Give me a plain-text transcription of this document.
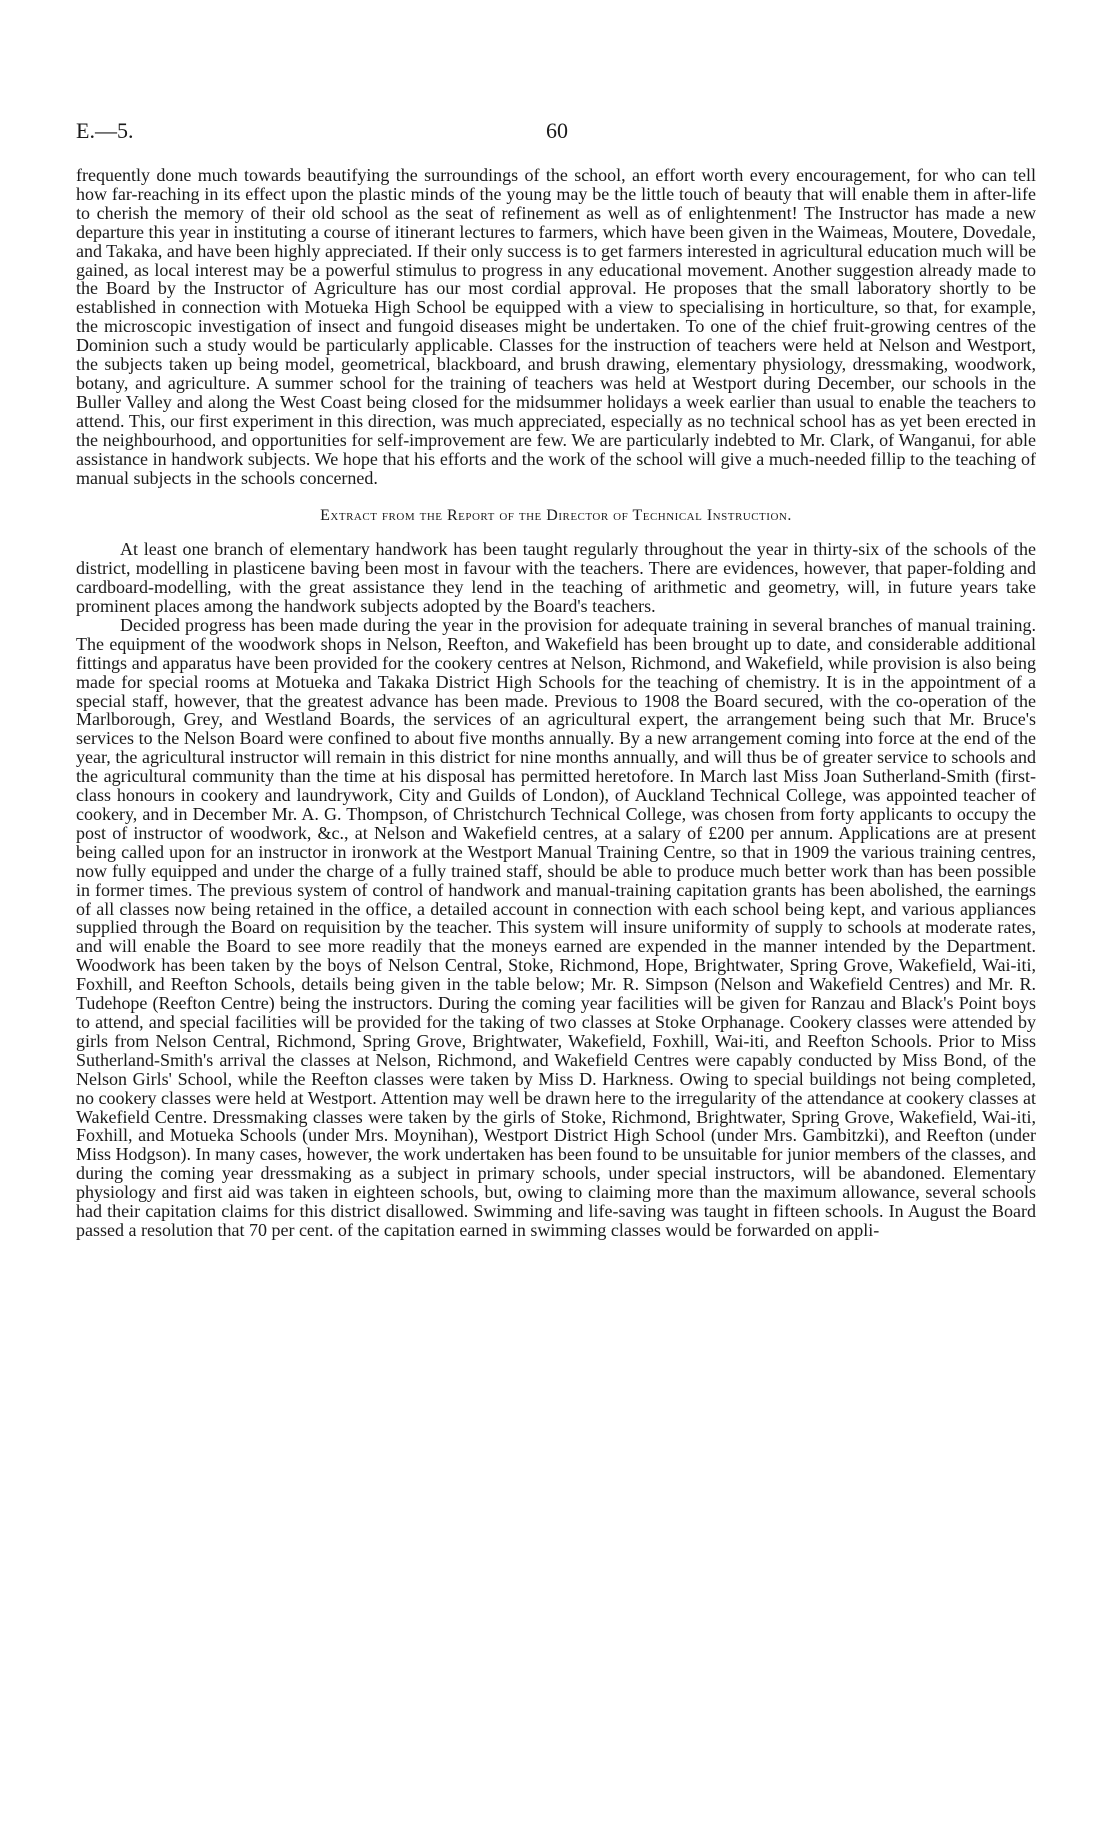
E.—5.	60

frequently done much towards beautifying the surroundings of the school, an effort worth every encouragement, for who can tell how far-reaching in its effect upon the plastic minds of the young may be the little touch of beauty that will enable them in after-life to cherish the memory of their old school as the seat of refinement as well as of enlightenment! The Instructor has made a new departure this year in instituting a course of itinerant lectures to farmers, which have been given in the Waimeas, Moutere, Dovedale, and Takaka, and have been highly appreciated. If their only success is to get farmers interested in agricultural education much will be gained, as local interest may be a powerful stimulus to progress in any educational movement. Another suggestion already made to the Board by the Instructor of Agriculture has our most cordial approval. He proposes that the small laboratory shortly to be established in connection with Motueka High School be equipped with a view to specialising in horticulture, so that, for example, the microscopic investigation of insect and fungoid diseases might be undertaken. To one of the chief fruit-growing centres of the Dominion such a study would be particularly applicable. Classes for the instruction of teachers were held at Nelson and Westport, the subjects taken up being model, geometrical, blackboard, and brush drawing, elementary physiology, dressmaking, woodwork, botany, and agriculture. A summer school for the training of teachers was held at Westport during December, our schools in the Buller Valley and along the West Coast being closed for the midsummer holidays a week earlier than usual to enable the teachers to attend. This, our first experiment in this direction, was much appreciated, especially as no technical school has as yet been erected in the neighbourhood, and opportunities for self-improvement are few. We are particularly indebted to Mr. Clark, of Wanganui, for able assistance in handwork subjects. We hope that his efforts and the work of the school will give a much-needed fillip to the teaching of manual subjects in the schools concerned.

Extract from the Report of the Director of Technical Instruction.

At least one branch of elementary handwork has been taught regularly throughout the year in thirty-six of the schools of the district, modelling in plasticene baving been most in favour with the teachers. There are evidences, however, that paper-folding and cardboard-modelling, with the great assistance they lend in the teaching of arithmetic and geometry, will, in future years take prominent places among the handwork subjects adopted by the Board's teachers.

Decided progress has been made during the year in the provision for adequate training in several branches of manual training. The equipment of the woodwork shops in Nelson, Reefton, and Wakefield has been brought up to date, and considerable additional fittings and apparatus have been provided for the cookery centres at Nelson, Richmond, and Wakefield, while provision is also being made for special rooms at Motueka and Takaka District High Schools for the teaching of chemistry. It is in the appointment of a special staff, however, that the greatest advance has been made. Previous to 1908 the Board secured, with the co-operation of the Marlborough, Grey, and Westland Boards, the services of an agricultural expert, the arrangement being such that Mr. Bruce's services to the Nelson Board were confined to about five months annually. By a new arrangement coming into force at the end of the year, the agricultural instructor will remain in this district for nine months annually, and will thus be of greater service to schools and the agricultural community than the time at his disposal has permitted heretofore. In March last Miss Joan Sutherland-Smith (first-class honours in cookery and laundrywork, City and Guilds of London), of Auckland Technical College, was appointed teacher of cookery, and in December Mr. A. G. Thompson, of Christchurch Technical College, was chosen from forty applicants to occupy the post of instructor of woodwork, &c., at Nelson and Wakefield centres, at a salary of £200 per annum. Applications are at present being called upon for an instructor in ironwork at the Westport Manual Training Centre, so that in 1909 the various training centres, now fully equipped and under the charge of a fully trained staff, should be able to produce much better work than has been possible in former times. The previous system of control of handwork and manual-training capitation grants has been abolished, the earnings of all classes now being retained in the office, a detailed account in connection with each school being kept, and various appliances supplied through the Board on requisition by the teacher. This system will insure uniformity of supply to schools at moderate rates, and will enable the Board to see more readily that the moneys earned are expended in the manner intended by the Department. Woodwork has been taken by the boys of Nelson Central, Stoke, Richmond, Hope, Brightwater, Spring Grove, Wakefield, Wai-iti, Foxhill, and Reefton Schools, details being given in the table below; Mr. R. Simpson (Nelson and Wakefield Centres) and Mr. R. Tudehope (Reefton Centre) being the instructors. During the coming year facilities will be given for Ranzau and Black's Point boys to attend, and special facilities will be provided for the taking of two classes at Stoke Orphanage. Cookery classes were attended by girls from Nelson Central, Richmond, Spring Grove, Brightwater, Wakefield, Foxhill, Wai-iti, and Reefton Schools. Prior to Miss Sutherland-Smith's arrival the classes at Nelson, Richmond, and Wakefield Centres were capably conducted by Miss Bond, of the Nelson Girls' School, while the Reefton classes were taken by Miss D. Harkness. Owing to special buildings not being completed, no cookery classes were held at Westport. Attention may well be drawn here to the irregularity of the attendance at cookery classes at Wakefield Centre. Dressmaking classes were taken by the girls of Stoke, Richmond, Brightwater, Spring Grove, Wakefield, Wai-iti, Foxhill, and Motueka Schools (under Mrs. Moynihan), Westport District High School (under Mrs. Gambitzki), and Reefton (under Miss Hodgson). In many cases, however, the work undertaken has been found to be unsuitable for junior members of the classes, and during the coming year dressmaking as a subject in primary schools, under special instructors, will be abandoned. Elementary physiology and first aid was taken in eighteen schools, but, owing to claiming more than the maximum allowance, several schools had their capitation claims for this district disallowed. Swimming and life-saving was taught in fifteen schools. In August the Board passed a resolution that 70 per cent. of the capitation earned in swimming classes would be forwarded on appli-
